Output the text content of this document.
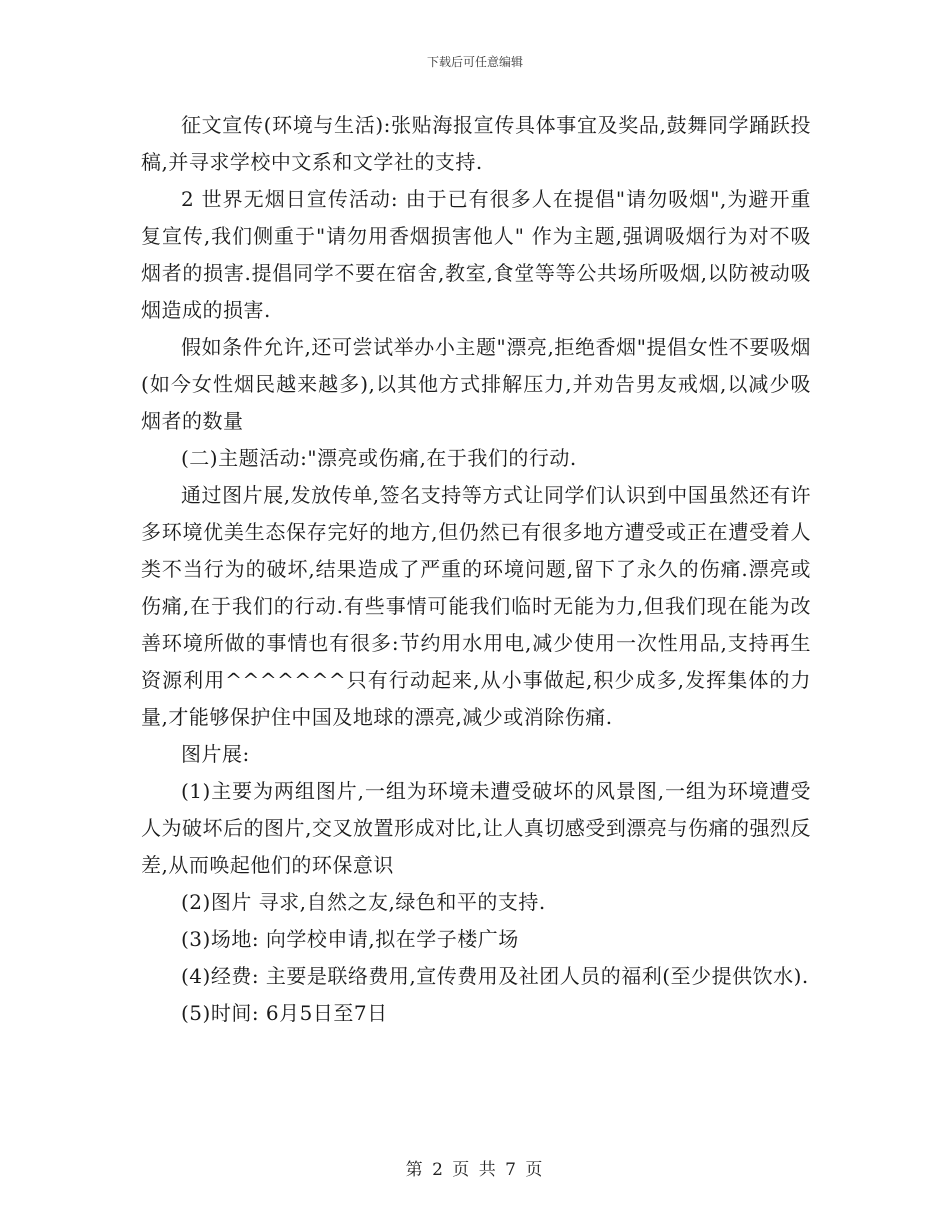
下载后可任意编辑

征文宣传(环境与生活):张贴海报宣传具体事宜及奖品,鼓舞同学踊跃投稿,并寻求学校中文系和文学社的支持.

2 世界无烟日宣传活动: 由于已有很多人在提倡"请勿吸烟",为避开重复宣传,我们侧重于"请勿用香烟损害他人" 作为主题,强调吸烟行为对不吸烟者的损害.提倡同学不要在宿舍,教室,食堂等等公共场所吸烟,以防被动吸烟造成的损害.

假如条件允许,还可尝试举办小主题"漂亮,拒绝香烟"提倡女性不要吸烟(如今女性烟民越来越多),以其他方式排解压力,并劝告男友戒烟,以减少吸烟者的数量

(二)主题活动:"漂亮或伤痛,在于我们的行动.

通过图片展,发放传单,签名支持等方式让同学们认识到中国虽然还有许多环境优美生态保存完好的地方,但仍然已有很多地方遭受或正在遭受着人类不当行为的破坏,结果造成了严重的环境问题,留下了永久的伤痛.漂亮或伤痛,在于我们的行动.有些事情可能我们临时无能为力,但我们现在能为改善环境所做的事情也有很多:节约用水用电,减少使用一次性用品,支持再生资源利用^^^^^^^只有行动起来,从小事做起,积少成多,发挥集体的力量,才能够保护住中国及地球的漂亮,减少或消除伤痛.

图片展:

(1)主要为两组图片,一组为环境未遭受破坏的风景图,一组为环境遭受人为破坏后的图片,交叉放置形成对比,让人真切感受到漂亮与伤痛的强烈反差,从而唤起他们的环保意识

(2)图片 寻求,自然之友,绿色和平的支持.

(3)场地: 向学校申请,拟在学子楼广场

(4)经费: 主要是联络费用,宣传费用及社团人员的福利(至少提供饮水).

(5)时间: 6月5日至7日

第 2 页 共 7 页
